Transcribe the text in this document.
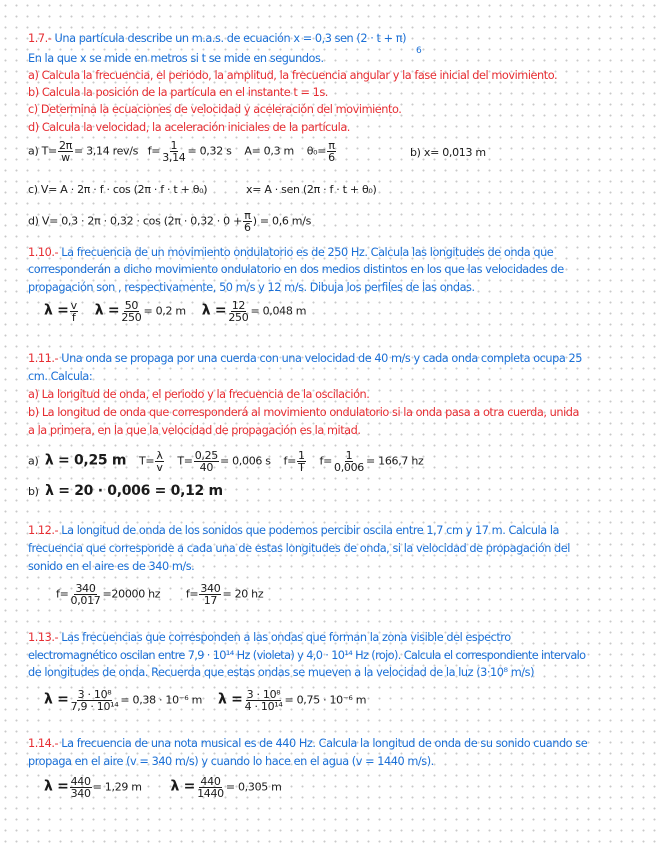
1.7.- Una partícula describe un m.a.s. de ecuación x = 0,3 sen (2 · t + π)
6
En la que x se mide en metros si t se mide en segundos.
a) Calcula la frecuencia, el periodo, la amplitud, la frecuencia angular y la fase inicial del movimiento.
b) Calcula la posición de la partícula en el instante t = 1s.
c) Determina la ecuaciones de velocidad y aceleración del movimiento.
d) Calcula la velocidad, la aceleración iniciales de la partícula.
a) $T= \frac{2\pi}{w} = 3,14$ rev/s $f= \frac{1}{3,14} = 0,32$ s A= 0,3 m $\theta_0= \frac{\pi}{6}$	b) x= 0,013 m
c) V= A · 2π · f · cos (2π · f · t + θ₀)	x= A · sen (2π · f · t + θ₀)
d) $V= 0,3 \cdot 2\pi \cdot 0,32 \cdot \cos (2\pi \cdot 0,32 \cdot 0 + \frac{\pi}{6}$ ) = 0,6 m/s
1.10.- La frecuencia de un movimiento ondulatorio es de 250 Hz. Calcula las longitudes de onda que
corresponderán a dicho movimiento ondulatorio en dos medios distintos en los que las velocidades de
propagación son , respectivamente, 50 m/s y 12 m/s. Dibuja los perfiles de las ondas.
$\lambda = \frac{v}{f}$ $\lambda = \frac{50}{250} = 0,2$ m $\lambda = \frac{12}{250} = 0,048$ m
1.11.- Una onda se propaga por una cuerda con una velocidad de 40 m/s y cada onda completa ocupa 25
cm. Calcula:
a) La longitud de onda, el periodo y la frecuencia de la oscilación.
b) La longitud de onda que corresponderá al movimiento ondulatorio si la onda pasa a otra cuerda, unida
a la primera, en la que la velocidad de propagación es la mitad.
a) λ = 0,25 m $T= \frac{\lambda}{v} T= \frac{0,25}{40} = 0,006$ s $f= \frac{1}{T} f= \frac{1}{0,006} = 166,7$ hz
b) λ = 20 · 0,006 = 0,12 m
1.12.- La longitud de onda de los sonidos que podemos percibir oscila entre 1,7 cm y 17 m. Calcula la
frecuencia que corresponde a cada una de estas longitudes de onda, si la velocidad de propagación del
sonido en el aire es de 340 m/s.
$f= \frac{340}{0,017} =20000$ hz $f= \frac{340}{17} = 20$ hz
1.13.- Las frecuencias que corresponden a las ondas que forman la zona visible del espectro
electromagnético oscilan entre 7,9 · 10¹⁴ Hz (violeta) y 4,0 · 10¹⁴ Hz (rojo). Calcula el correspondiente intervalo
de longitudes de onda. Recuerda que estas ondas se mueven a la velocidad de la luz (3·10⁸ m/s)
$\lambda = \frac{\text{3 · 10⁸}}{\text{7,9 · 10¹⁴}} = 0,38 \cdot 10^{-6}$ m $\lambda = \frac{\text{3 · 10⁸}}{\text{4 · 10¹⁴}} = 0,75 \cdot 10^{-6}$ m
1.14.- La frecuencia de una nota musical es de 440 Hz. Calcula la longitud de onda de su sonido cuando se
propaga en el aire (v = 340 m/s) y cuando lo hace en el agua (v = 1440 m/s).
$\lambda = \frac{440}{340} = 1,29$ m $\lambda = \frac{440}{1440} = 0,305$ m
